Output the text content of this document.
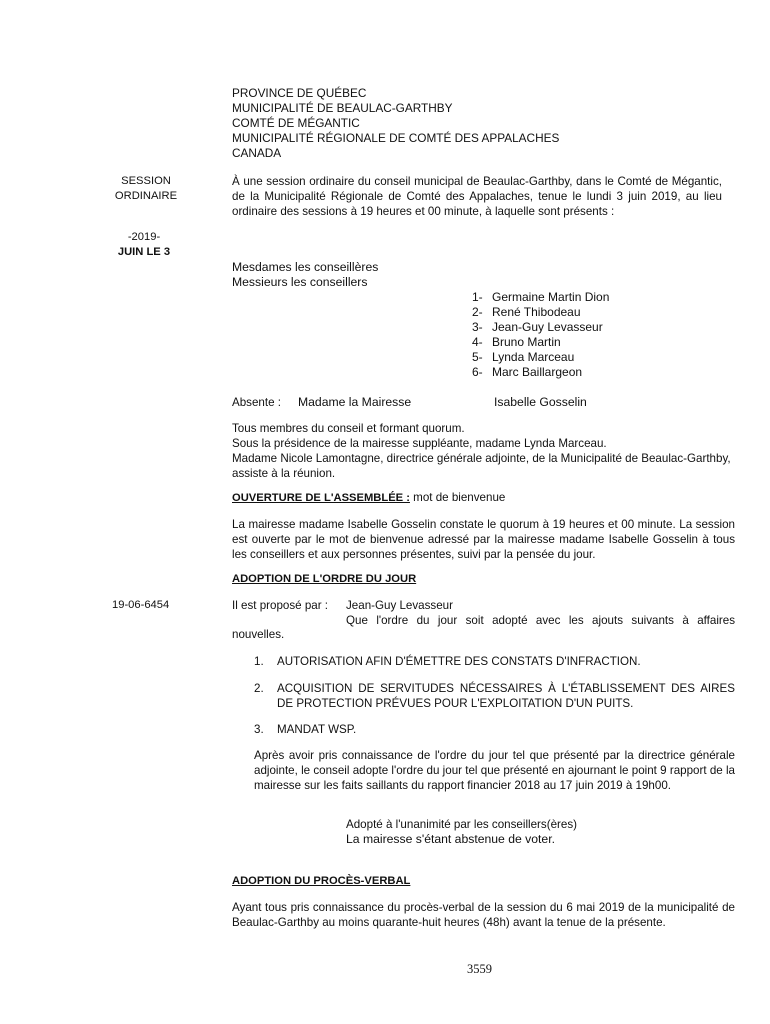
PROVINCE DE QUÉBEC
MUNICIPALITÉ DE BEAULAC-GARTHBY
COMTÉ DE MÉGANTIC
MUNICIPALITÉ RÉGIONALE DE COMTÉ DES APPALACHES
CANADA
SESSION
ORDINAIRE
-2019-
JUIN LE 3
19-06-6454
À une session ordinaire du conseil municipal de Beaulac-Garthby, dans le Comté de Mégantic, de la Municipalité Régionale de Comté des Appalaches, tenue le lundi 3 juin 2019, au lieu ordinaire des sessions à 19 heures et 00 minute, à laquelle sont présents :
Mesdames les conseillères
Messieurs les conseillers
1- Germaine Martin Dion
2- René Thibodeau
3- Jean-Guy Levasseur
4- Bruno Martin
5- Lynda Marceau
6- Marc Baillargeon
Absente : Madame la Mairesse	Isabelle Gosselin
Tous membres du conseil et formant quorum.
Sous la présidence de la mairesse suppléante, madame Lynda Marceau.
Madame Nicole Lamontagne, directrice générale adjointe, de la Municipalité de Beaulac-Garthby, assiste à la réunion.
OUVERTURE DE L'ASSEMBLÉE : mot de bienvenue
La mairesse madame Isabelle Gosselin constate le quorum à 19 heures et 00 minute. La session est ouverte par le mot de bienvenue adressé par la mairesse madame Isabelle Gosselin à tous les conseillers et aux personnes présentes, suivi par la pensée du jour.
ADOPTION DE L'ORDRE DU JOUR
Il est proposé par : Jean-Guy Levasseur
Que l'ordre du jour soit adopté avec les ajouts suivants à affaires
nouvelles.
1. AUTORISATION AFIN D'ÉMETTRE DES CONSTATS D'INFRACTION.
2. ACQUISITION DE SERVITUDES NÉCESSAIRES À L'ÉTABLISSEMENT DES AIRES DE PROTECTION PRÉVUES POUR L'EXPLOITATION D'UN PUITS.
3. MANDAT WSP.
Après avoir pris connaissance de l'ordre du jour tel que présenté par la directrice générale adjointe, le conseil adopte l'ordre du jour tel que présenté en ajournant le point 9 rapport de la mairesse sur les faits saillants du rapport financier 2018 au 17 juin 2019 à 19h00.
Adopté à l'unanimité par les conseillers(ères)
La mairesse s'étant abstenue de voter.
ADOPTION DU PROCÈS-VERBAL
Ayant tous pris connaissance du procès-verbal de la session du 6 mai 2019 de la municipalité de Beaulac-Garthby au moins quarante-huit heures (48h) avant la tenue de la présente.
3559
